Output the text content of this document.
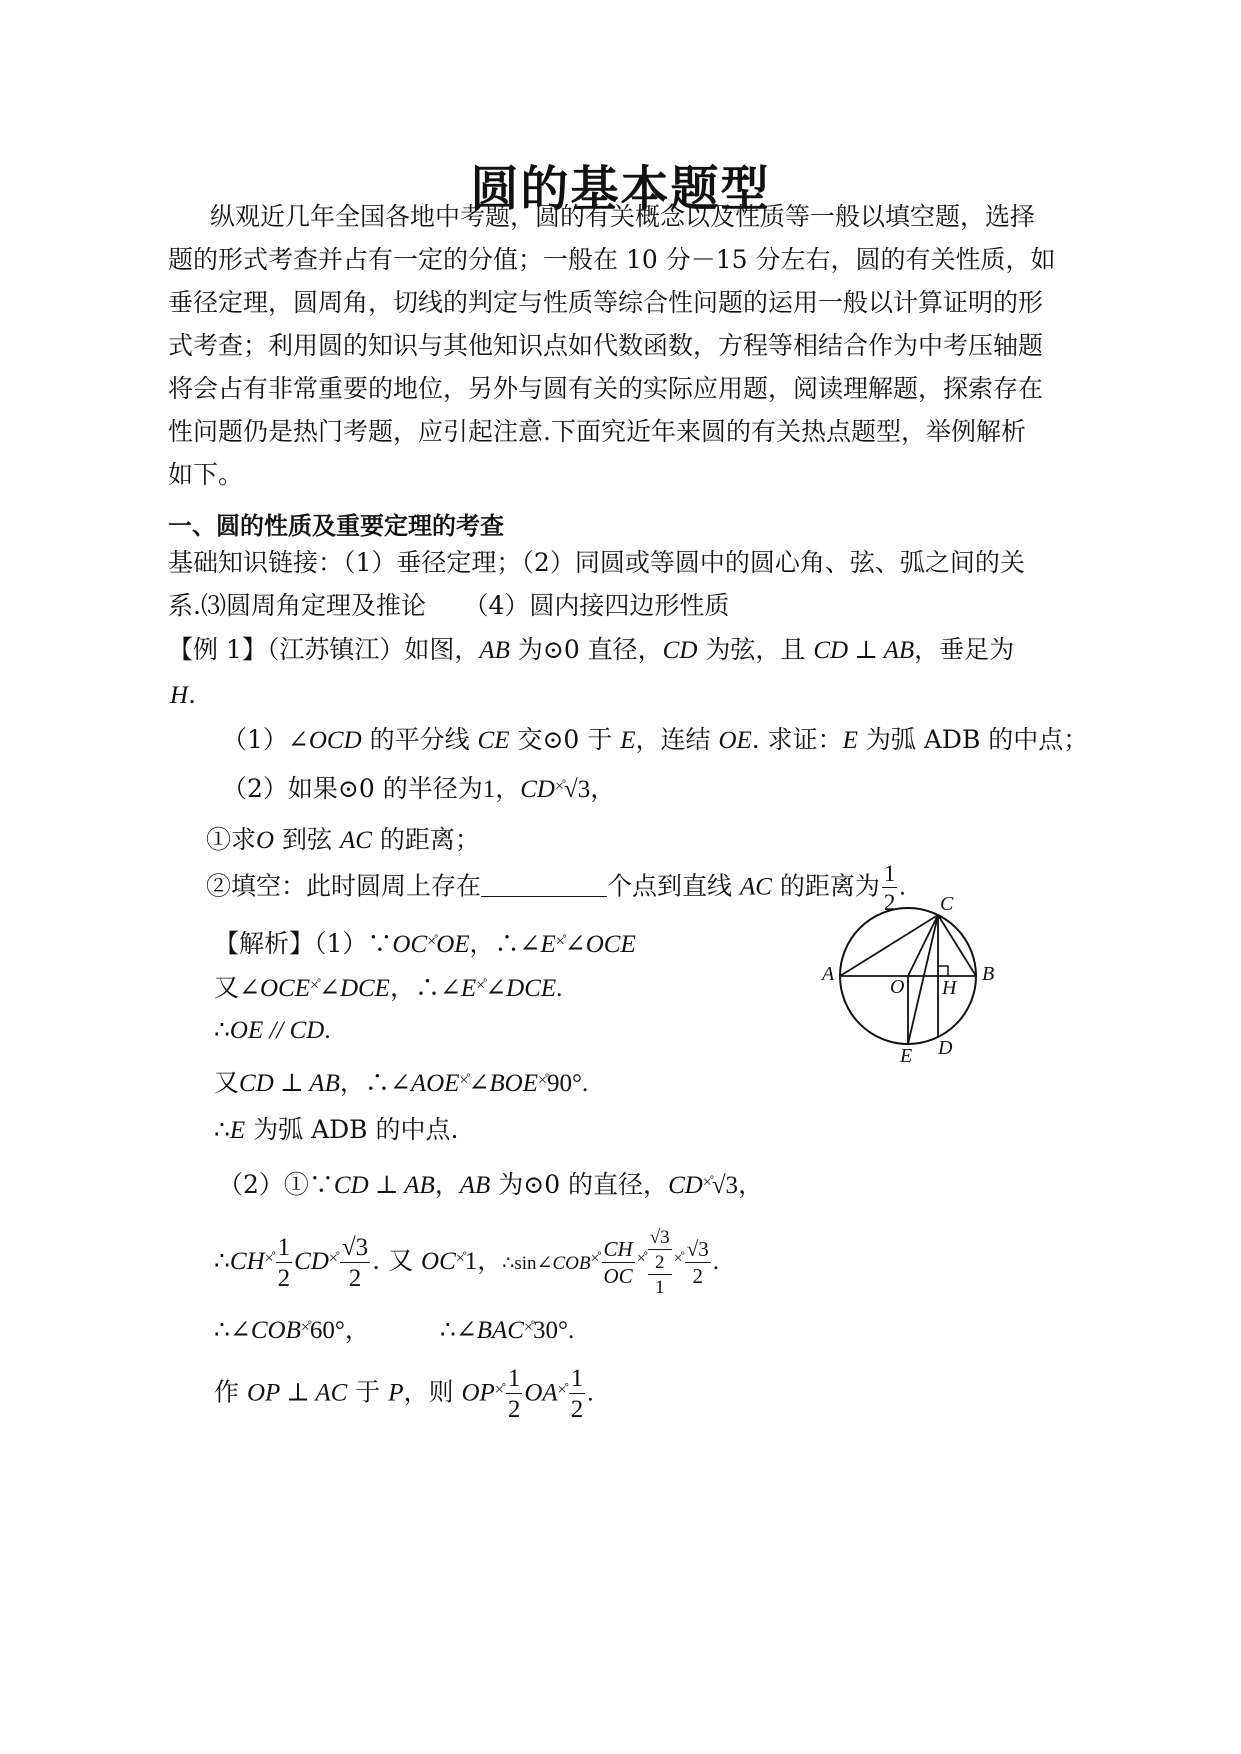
圆的基本题型
纵观近几年全国各地中考题，圆的有关概念以及性质等一般以填空题，选择
题的形式考查并占有一定的分值；一般在 10 分－15 分左右，圆的有关性质，如
垂径定理，圆周角，切线的判定与性质等综合性问题的运用一般以计算证明的形
式考查；利用圆的知识与其他知识点如代数函数，方程等相结合作为中考压轴题
将会占有非常重要的地位，另外与圆有关的实际应用题，阅读理解题，探索存在
性问题仍是热门考题，应引起注意.下面究近年来圆的有关热点题型，举例解析
如下。
一、圆的性质及重要定理的考查
基础知识链接：（1）垂径定理；（2）同圆或等圆中的圆心角、弦、弧之间的关
系.⑶圆周角定理及推论　　（4）圆内接四边形性质
【例 1】（江苏镇江）如图，AB 为⊙0 直径，CD 为弦，且 CD ⊥ AB，垂足为
H.
（1）∠OCD 的平分线 CE 交⊙0 于 E，连结 OE. 求证：E 为弧 ADB 的中点；
（2）如果⊙0 的半径为1，CD×̊√3，
①求O 到弦 AC 的距离；
②填空：此时圆周上存在	个点到直线 AC 的距离为 $\frac{1}{2}$ .
【解析】（1）∵OC×̊OE，∴∠E×̊∠OCE
又∠OCE×̊∠DCE，∴∠E×̊∠DCE.
∴OE // CD.
又CD ⊥ AB，∴∠AOE×̊∠BOE×̊90°.
∴E 为弧 ADB 的中点.
（2）①∵CD ⊥ AB，AB 为⊙0 的直径，CD×̊√3，
∴CH×̊ $\frac{1}{2} CD^{\times̊} \frac{√3}{2}$ . 又 OC×̊1，∴sin∠COB×̊ $\frac{CH}{OC} ^{\times̊} \frac{\frac{√3}{2}}{1} ^{\times̊} \frac{√3}{2}$ .
∴∠COB×̊60°，	∴∠BAC×̊30°.
作 OP ⊥ AC 于 P，则 $OP^{\times̊} \frac{1}{2} OA^{\times̊} \frac{1}{2}$ .
A	B
C
D
E
O H
